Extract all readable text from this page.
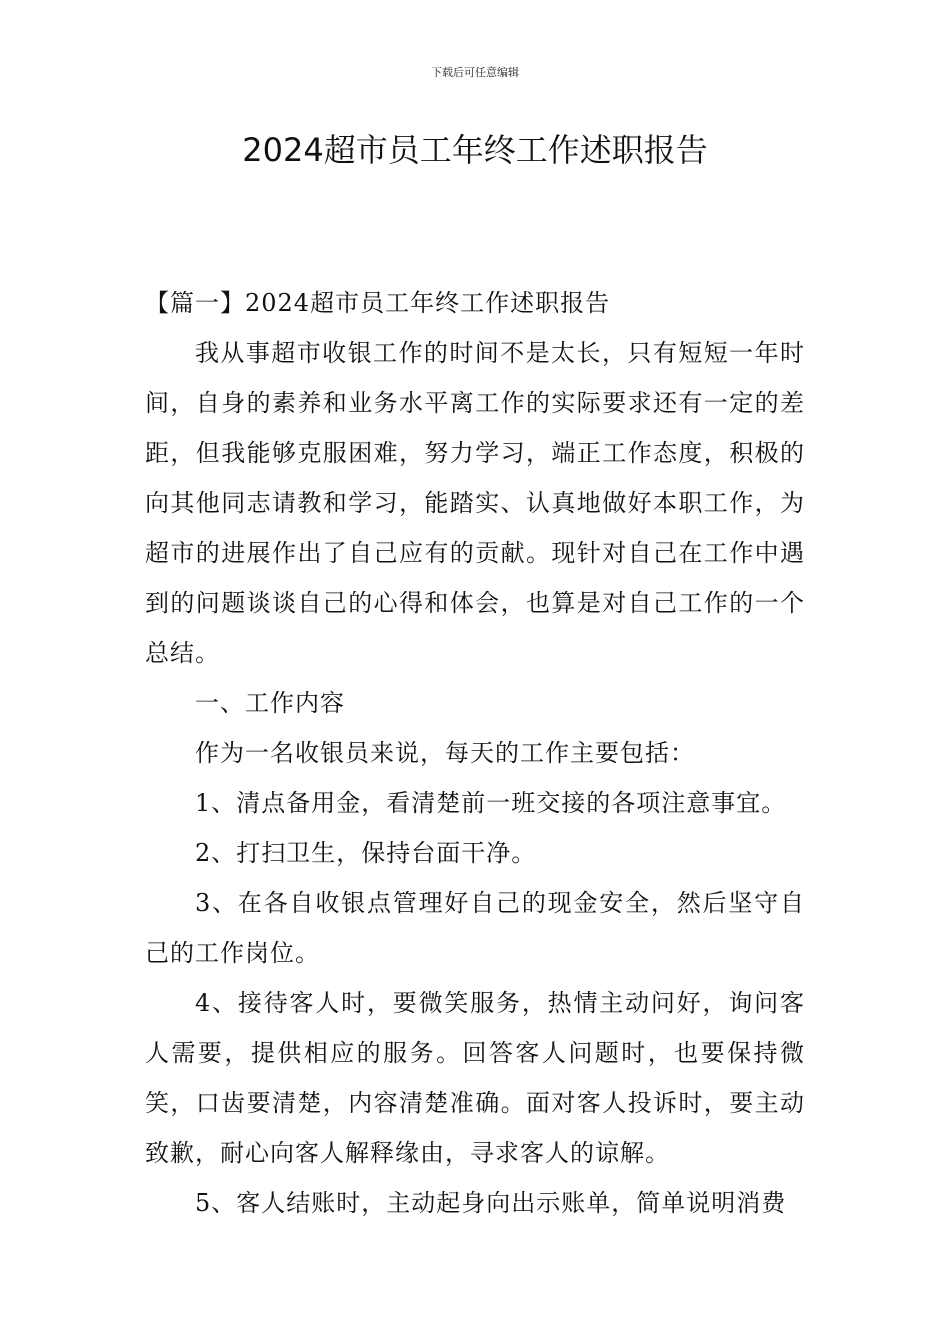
下载后可任意编辑
2024超市员工年终工作述职报告

【篇一】2024超市员工年终工作述职报告

我从事超市收银工作的时间不是太长，只有短短一年时间，自身的素养和业务水平离工作的实际要求还有一定的差距，但我能够克服困难，努力学习，端正工作态度，积极的向其他同志请教和学习，能踏实、认真地做好本职工作，为超市的进展作出了自己应有的贡献。现针对自己在工作中遇到的问题谈谈自己的心得和体会，也算是对自己工作的一个总结。

一、工作内容

作为一名收银员来说，每天的工作主要包括：

1、清点备用金，看清楚前一班交接的各项注意事宜。

2、打扫卫生，保持台面干净。

3、在各自收银点管理好自己的现金安全，然后坚守自己的工作岗位。

4、接待客人时，要微笑服务，热情主动问好，询问客人需要，提供相应的服务。回答客人问题时，也要保持微笑，口齿要清楚，内容清楚准确。面对客人投诉时，要主动致歉，耐心向客人解释缘由，寻求客人的谅解。

5、客人结账时，主动起身向出示账单，简单说明消费
